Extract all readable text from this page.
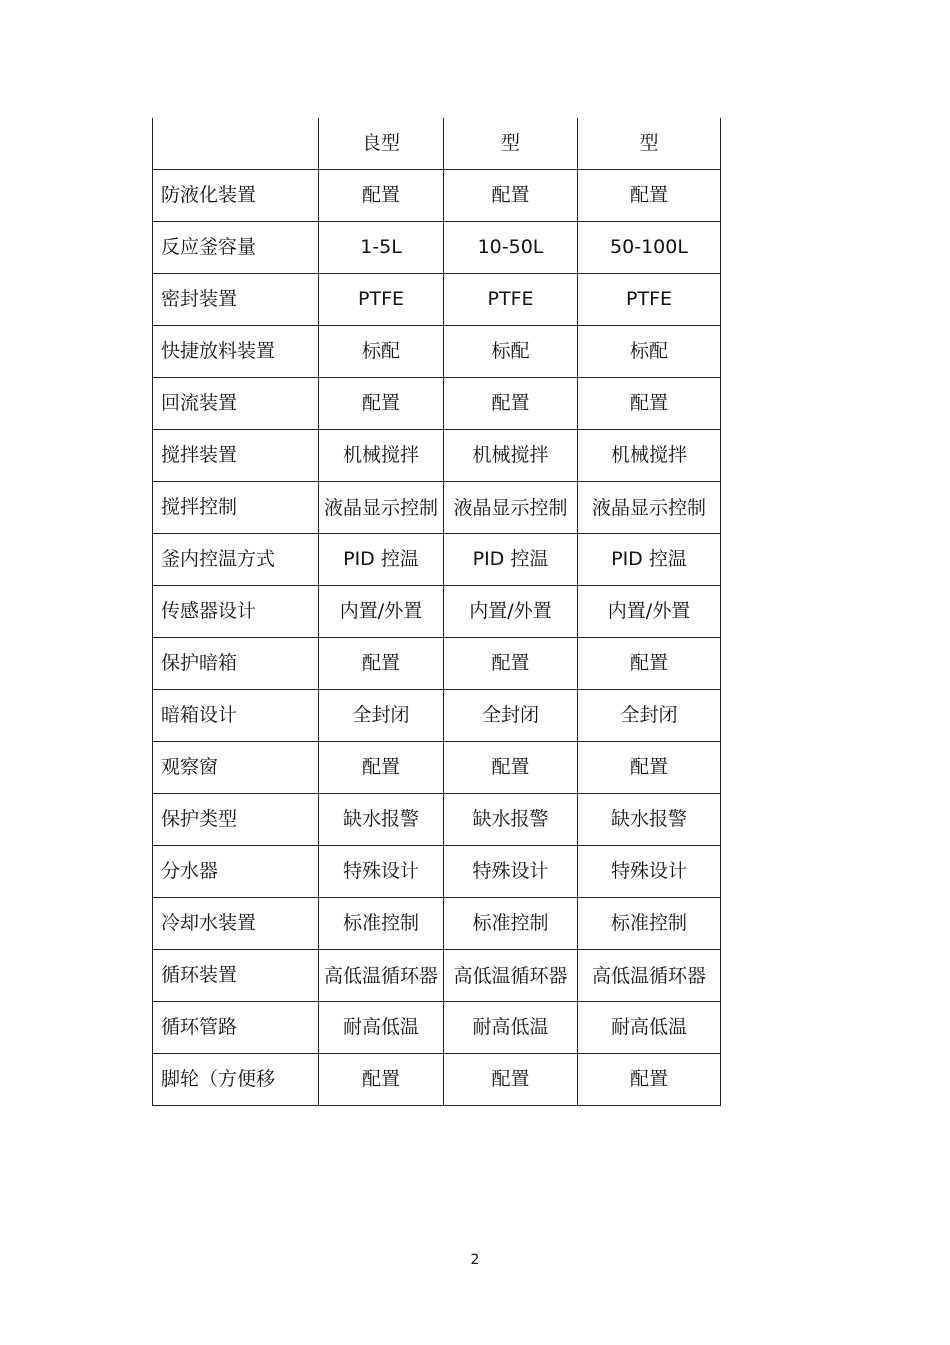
	良型	型	型
防液化装置	配置	配置	配置
反应釜容量	1-5L	10-50L	50-100L
密封装置	PTFE	PTFE	PTFE
快捷放料装置	标配	标配	标配
回流装置	配置	配置	配置
搅拌装置	机械搅拌	机械搅拌	机械搅拌
搅拌控制	液晶显示控制	液晶显示控制	液晶显示控制
釜内控温方式	PID 控温	PID 控温	PID 控温
传感器设计	内置/外置	内置/外置	内置/外置
保护暗箱	配置	配置	配置
暗箱设计	全封闭	全封闭	全封闭
观察窗	配置	配置	配置
保护类型	缺水报警	缺水报警	缺水报警
分水器	特殊设计	特殊设计	特殊设计
冷却水装置	标准控制	标准控制	标准控制
循环装置	高低温循环器	高低温循环器	高低温循环器
循环管路	耐高低温	耐高低温	耐高低温
脚轮（方便移	配置	配置	配置
2
